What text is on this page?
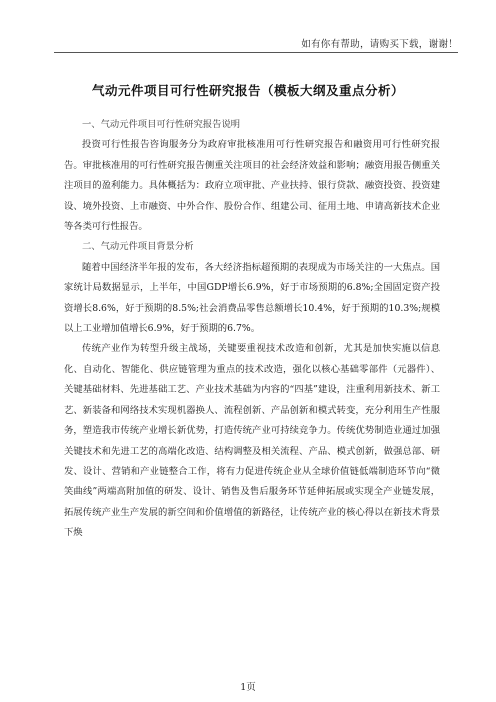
如有你有帮助，请购买下载，谢谢！
气动元件项目可行性研究报告（模板大纲及重点分析）
一、气动元件项目可行性研究报告说明

投资可行性报告咨询服务分为政府审批核准用可行性研究报告和融资用可行性研究报告。审批核准用的可行性研究报告侧重关注项目的社会经济效益和影响；融资用报告侧重关注项目的盈利能力。具体概括为：政府立项审批、产业扶持、银行贷款、融资投资、投资建设、境外投资、上市融资、中外合作、股份合作、组建公司、征用土地、申请高新技术企业等各类可行性报告。

二、气动元件项目背景分析

随着中国经济半年报的发布，各大经济指标超预期的表现成为市场关注的一大焦点。国家统计局数据显示，上半年，中国GDP增长6.9%，好于市场预期的6.8%;全国固定资产投资增长8.6%，好于预期的8.5%;社会消费品零售总额增长10.4%，好于预期的10.3%;规模以上工业增加值增长6.9%，好于预期的6.7%。

传统产业作为转型升级主战场，关键要重视技术改造和创新，尤其是加快实施以信息化、自动化、智能化、供应链管理为重点的技术改造，强化以核心基础零部件（元器件）、关键基础材料、先进基础工艺、产业技术基础为内容的“四基”建设，注重利用新技术、新工艺、新装备和网络技术实现机器换人、流程创新、产品创新和模式转变，充分利用生产性服务，塑造我市传统产业增长新优势，打造传统产业可持续竞争力。传统优势制造业通过加强关键技术和先进工艺的高端化改造、结构调整及相关流程、产品、模式创新，做强总部、研发、设计、营销和产业链整合工作，将有力促进传统企业从全球价值链低端制造环节向“微笑曲线”两端高附加值的研发、设计、销售及售后服务环节延伸拓展或实现全产业链发展，拓展传统产业生产发展的新空间和价值增值的新路径，让传统产业的核心得以在新技术背景下焕

1页
